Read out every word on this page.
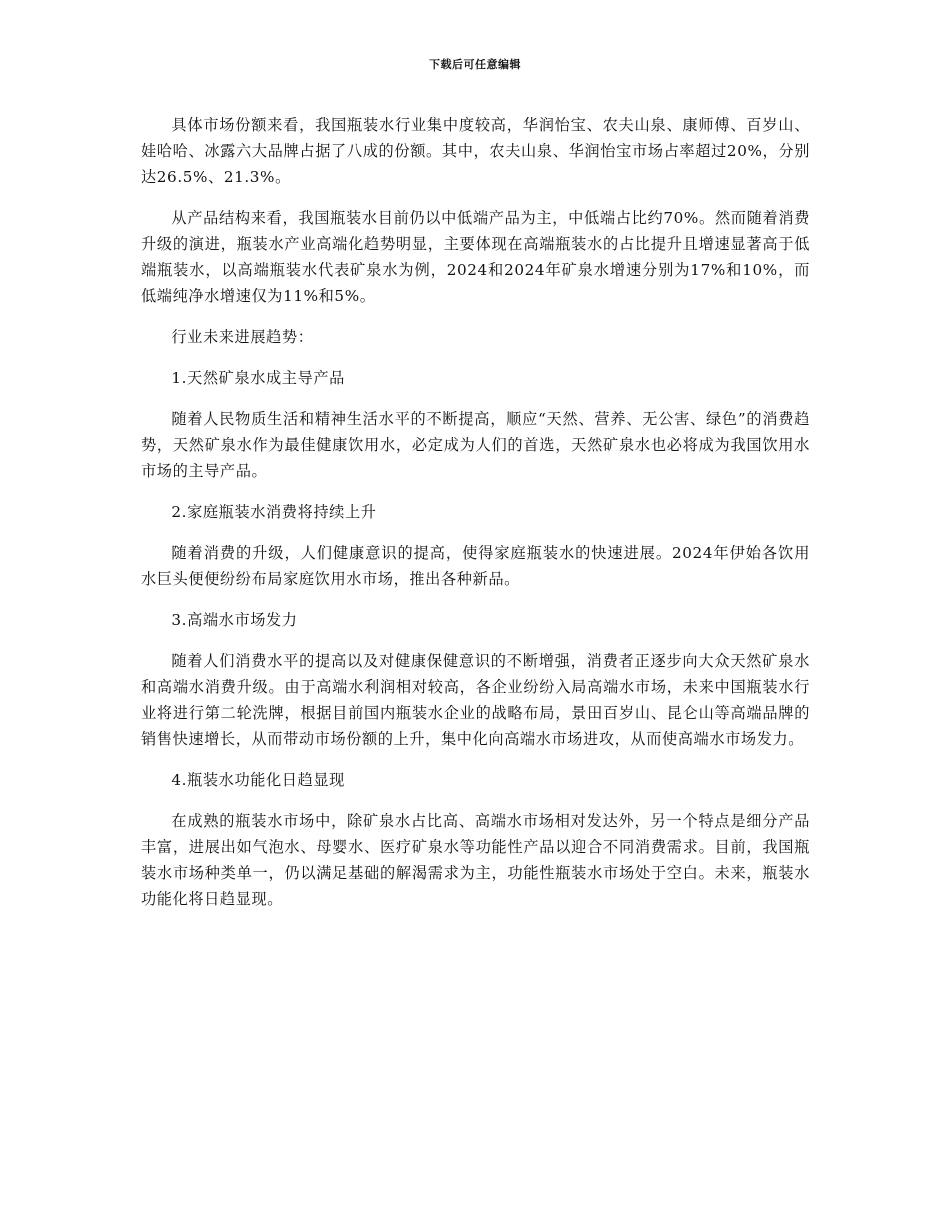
下载后可任意编辑

具体市场份额来看，我国瓶装水行业集中度较高，华润怡宝、农夫山泉、康师傅、百岁山、娃哈哈、冰露六大品牌占据了八成的份额。其中，农夫山泉、华润怡宝市场占率超过20%，分别达26.5%、21.3%。

从产品结构来看，我国瓶装水目前仍以中低端产品为主，中低端占比约70%。然而随着消费升级的演进，瓶装水产业高端化趋势明显，主要体现在高端瓶装水的占比提升且增速显著高于低端瓶装水，以高端瓶装水代表矿泉水为例，2024和2024年矿泉水增速分别为17%和10%，而低端纯净水增速仅为11%和5%。

行业未来进展趋势：

1.天然矿泉水成主导产品

随着人民物质生活和精神生活水平的不断提高，顺应“天然、营养、无公害、绿色”的消费趋势，天然矿泉水作为最佳健康饮用水，必定成为人们的首选，天然矿泉水也必将成为我国饮用水市场的主导产品。

2.家庭瓶装水消费将持续上升

随着消费的升级，人们健康意识的提高，使得家庭瓶装水的快速进展。2024年伊始各饮用水巨头便便纷纷布局家庭饮用水市场，推出各种新品。

3.高端水市场发力

随着人们消费水平的提高以及对健康保健意识的不断增强，消费者正逐步向大众天然矿泉水和高端水消费升级。由于高端水利润相对较高，各企业纷纷入局高端水市场，未来中国瓶装水行业将进行第二轮洗牌，根据目前国内瓶装水企业的战略布局，景田百岁山、昆仑山等高端品牌的销售快速增长，从而带动市场份额的上升，集中化向高端水市场进攻，从而使高端水市场发力。

4.瓶装水功能化日趋显现

在成熟的瓶装水市场中，除矿泉水占比高、高端水市场相对发达外，另一个特点是细分产品丰富，进展出如气泡水、母婴水、医疗矿泉水等功能性产品以迎合不同消费需求。目前，我国瓶装水市场种类单一，仍以满足基础的解渴需求为主，功能性瓶装水市场处于空白。未来，瓶装水功能化将日趋显现。
